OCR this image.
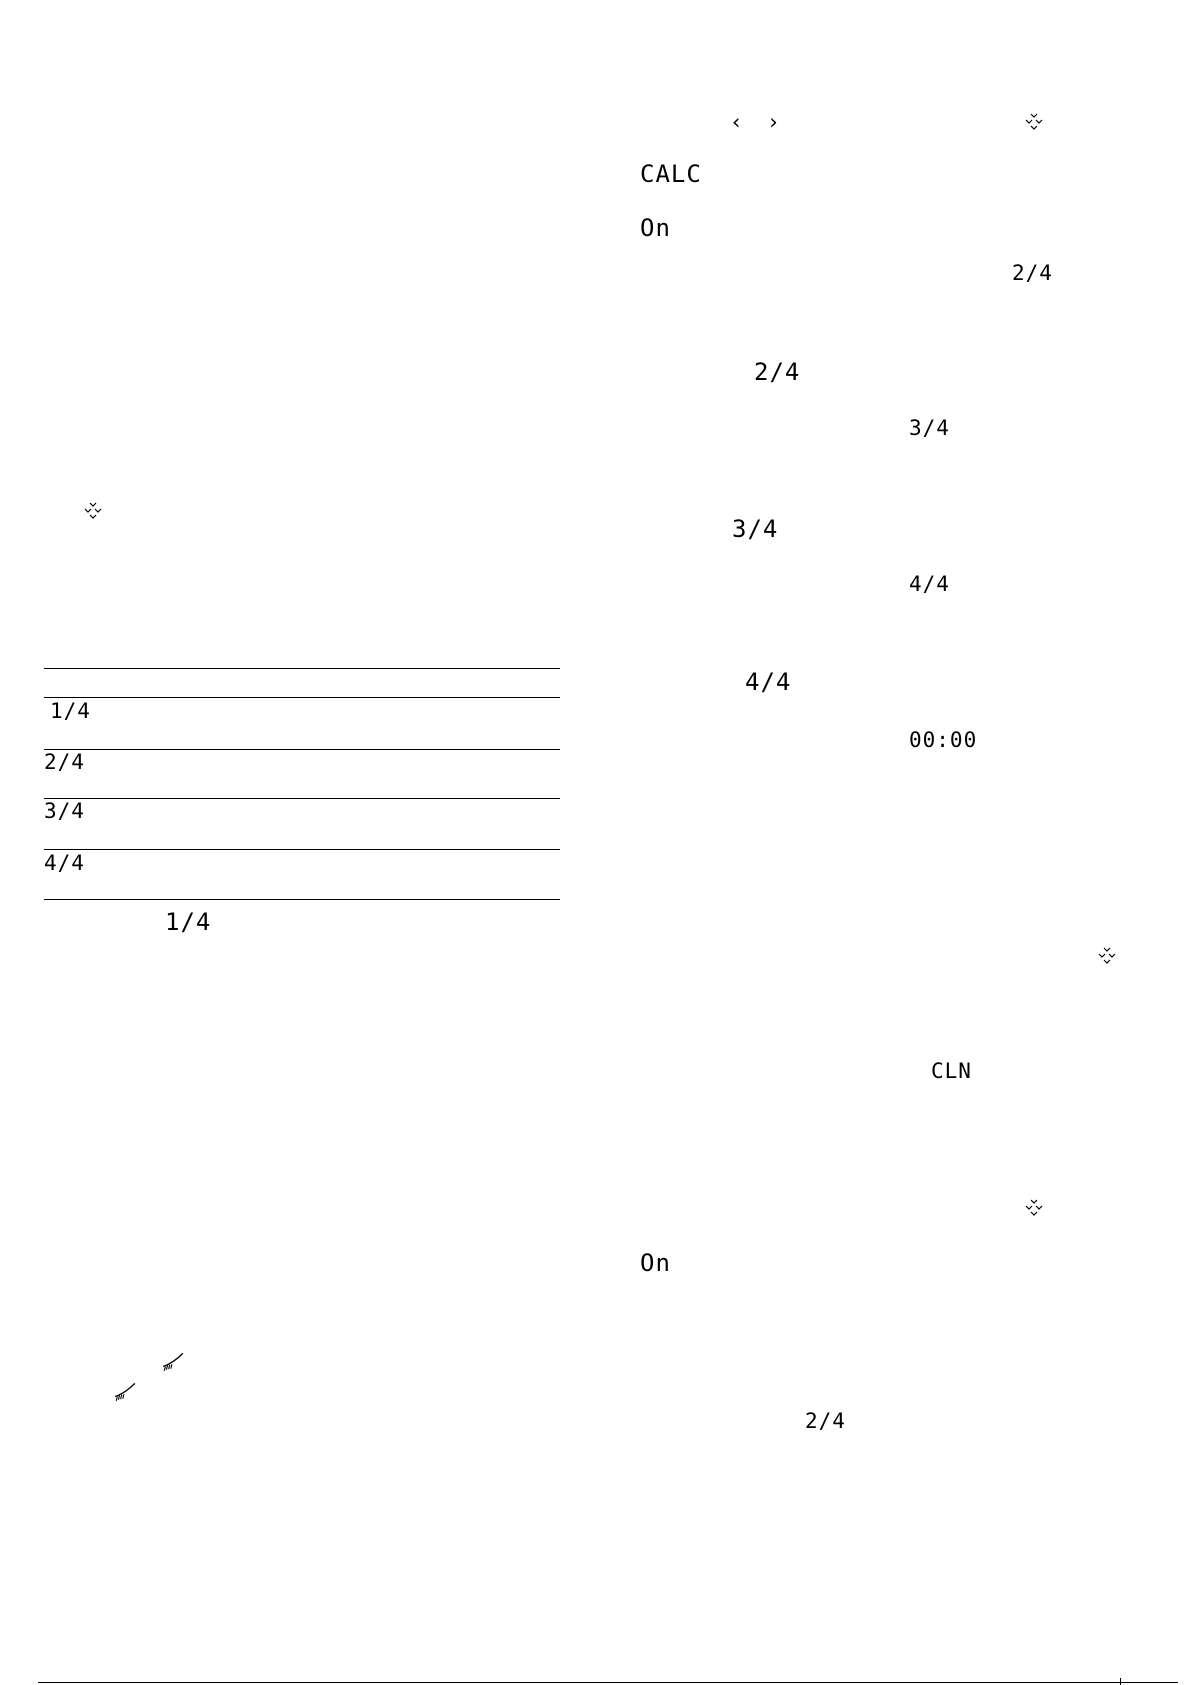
1/4
2/4
3/4
4/4
1/4
‹ ›
CALC
On
2/4
2/4
3/4
3/4
4/4
4/4
00:00
CLN
On
2/4
